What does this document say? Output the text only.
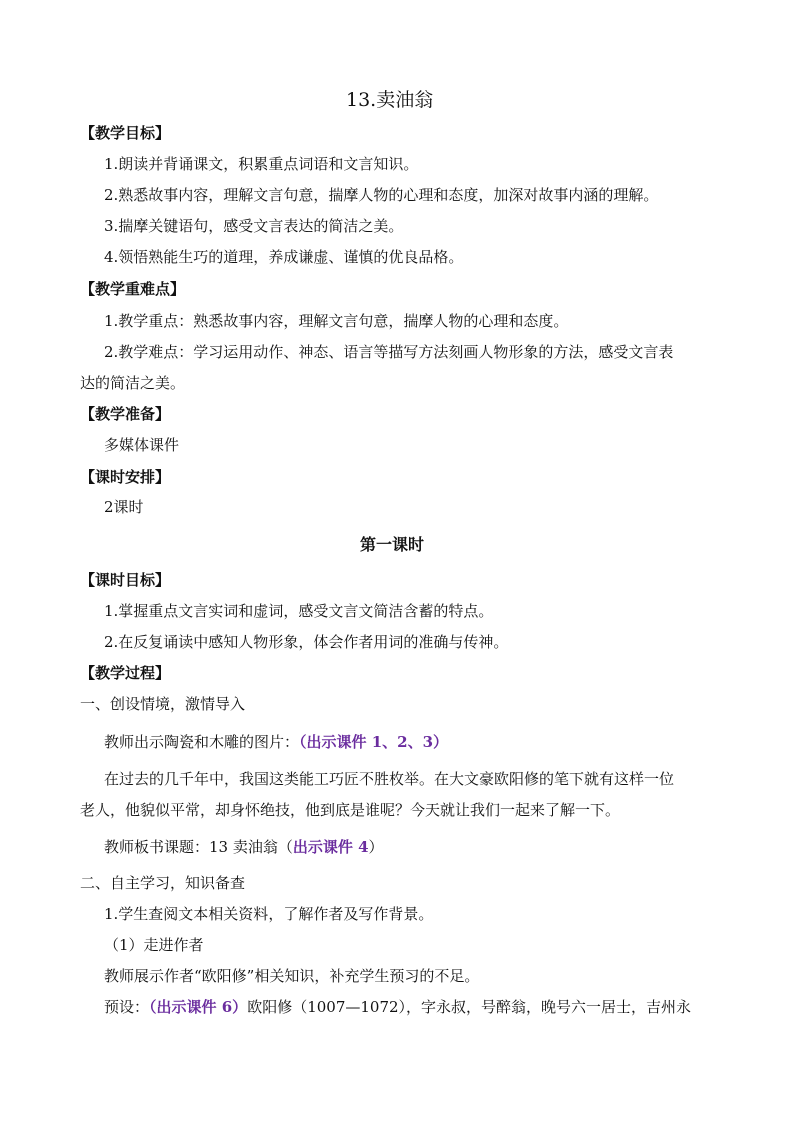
13.卖油翁
【教学目标】
1.朗读并背诵课文，积累重点词语和文言知识。
2.熟悉故事内容，理解文言句意，揣摩人物的心理和态度，加深对故事内涵的理解。
3.揣摩关键语句，感受文言表达的简洁之美。
4.领悟熟能生巧的道理，养成谦虚、谨慎的优良品格。
【教学重难点】
1.教学重点：熟悉故事内容，理解文言句意，揣摩人物的心理和态度。
2.教学难点：学习运用动作、神态、语言等描写方法刻画人物形象的方法，感受文言表
达的简洁之美。
【教学准备】
多媒体课件
【课时安排】
2课时
第一课时
【课时目标】
1.掌握重点文言实词和虚词，感受文言文简洁含蓄的特点。
2.在反复诵读中感知人物形象，体会作者用词的准确与传神。
【教学过程】
一、创设情境，激情导入
教师出示陶瓷和木雕的图片：（出示课件 1、2、3）
在过去的几千年中，我国这类能工巧匠不胜枚举。在大文豪欧阳修的笔下就有这样一位
老人，他貌似平常，却身怀绝技，他到底是谁呢？今天就让我们一起来了解一下。
教师板书课题：13 卖油翁（出示课件 4）
二、自主学习，知识备查
1.学生查阅文本相关资料，了解作者及写作背景。
（1）走进作者
教师展示作者“欧阳修”相关知识，补充学生预习的不足。
预设：（出示课件 6）欧阳修（1007—1072），字永叔，号醉翁，晚号六一居士，吉州永
